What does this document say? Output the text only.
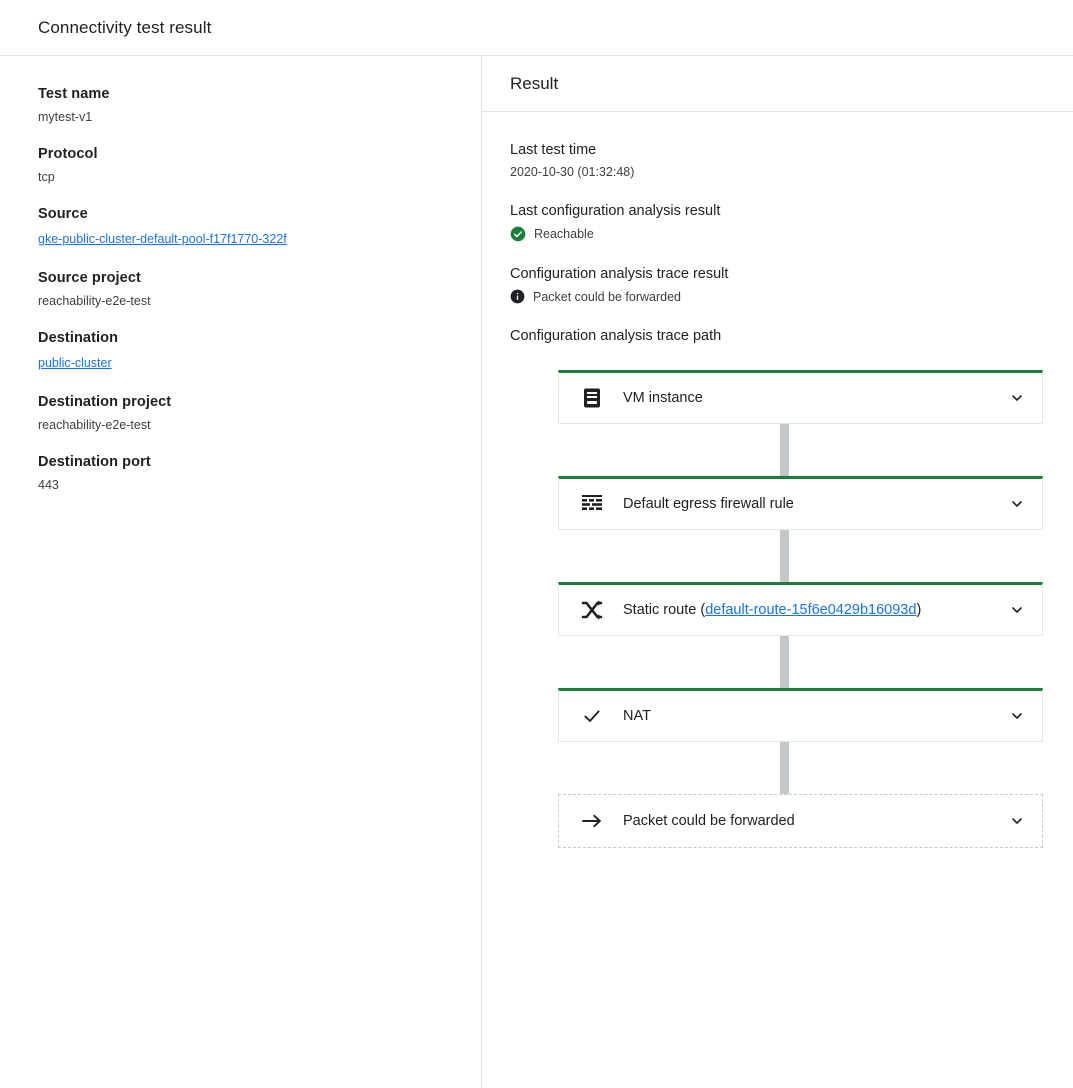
Connectivity test result
Test name
mytest-v1
Protocol
tcp
Source
gke-public-cluster-default-pool-f17f1770-322f
Source project
reachability-e2e-test
Destination
public-cluster
Destination project
reachability-e2e-test
Destination port
443
Result
Last test time
2020-10-30 (01:32:48)
Last configuration analysis result
Reachable
Configuration analysis trace result
Packet could be forwarded
Configuration analysis trace path
VM instance
Default egress firewall rule
Static route (default-route-15f6e0429b16093d)
NAT
Packet could be forwarded
